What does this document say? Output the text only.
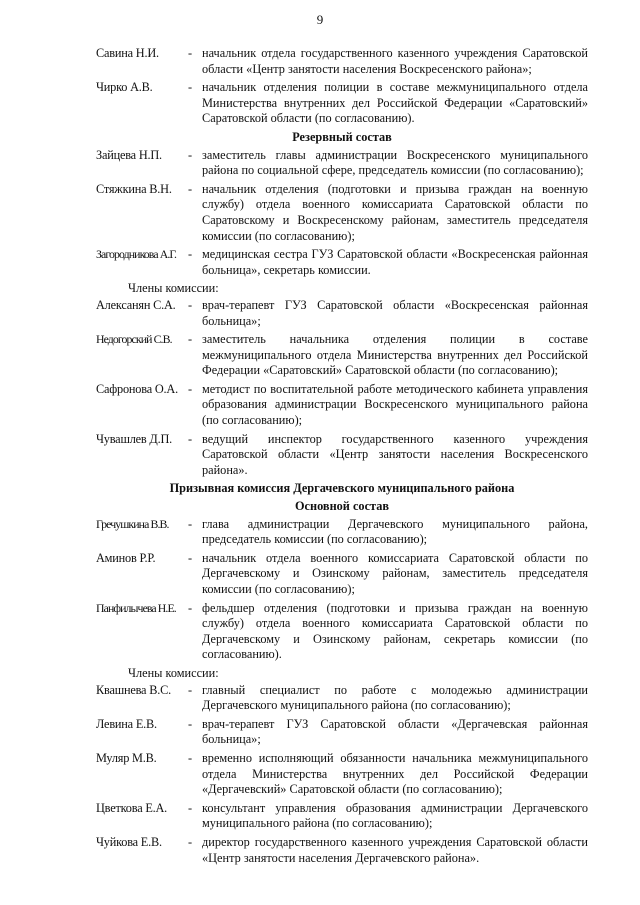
9
Савина Н.И.	- начальник отдела государственного казенного учреждения Саратовской области «Центр занятости населения Воскресенского района»;
Чирко А.В.	- начальник отделения полиции в составе межмуниципального отдела Министерства внутренних дел Российской Федерации «Саратовский» Саратовской области (по согласованию).
Резервный состав
Зайцева Н.П.	- заместитель главы администрации Воскресенского муниципального района по социальной сфере, председатель комиссии (по согласованию);
Стяжкина В.Н.	- начальник отделения (подготовки и призыва граждан на военную службу) отдела военного комиссариата Саратовской области по Саратовскому и Воскресенскому районам, заместитель председателя комиссии (по согласованию);
Загородникова А.Г. - медицинская сестра ГУЗ Саратовской области «Воскресенская районная больница», секретарь комиссии.
Члены комиссии:
Алексанян С.А.	- врач-терапевт ГУЗ Саратовской области «Воскресенская районная больница»;
Недогорский С.В.	- заместитель начальника отделения полиции в составе межмуниципального отдела Министерства внутренних дел Российской Федерации «Саратовский» Саратовской области (по согласованию);
Сафронова О.А. - методист по воспитательной работе методического кабинета управления образования администрации Воскресенского муниципального района (по согласованию);
Чувашлев Д.П.	- ведущий инспектор государственного казенного учреждения Саратовской области «Центр занятости населения Воскресенского района».
Призывная комиссия Дергачевского муниципального района
Основной состав
Гречушкина В.В.	- глава администрации Дергачевского муниципального района, председатель комиссии (по согласованию);
Аминов Р.Р.	- начальник отдела военного комиссариата Саратовской области по Дергачевскому и Озинскому районам, заместитель председателя комиссии (по согласованию);
Панфилычева Н.Е. - фельдшер отделения (подготовки и призыва граждан на военную службу) отдела военного комиссариата Саратовской области по Дергачевскому и Озинскому районам, секретарь комиссии (по согласованию).
Члены комиссии:
Квашнева В.С.	- главный специалист по работе с молодежью администрации Дергачевского муниципального района (по согласованию);
Левина Е.В.	- врач-терапевт ГУЗ Саратовской области «Дергачевская районная больница»;
Муляр М.В.	- временно исполняющий обязанности начальника межмуниципального отдела Министерства внутренних дел Российской Федерации «Дергачевский» Саратовской области (по согласованию);
Цветкова Е.А.	- консультант управления образования администрации Дергачевского муниципального района (по согласованию);
Чуйкова Е.В.	- директор государственного казенного учреждения Саратовской области «Центр занятости населения Дергачевского района».
